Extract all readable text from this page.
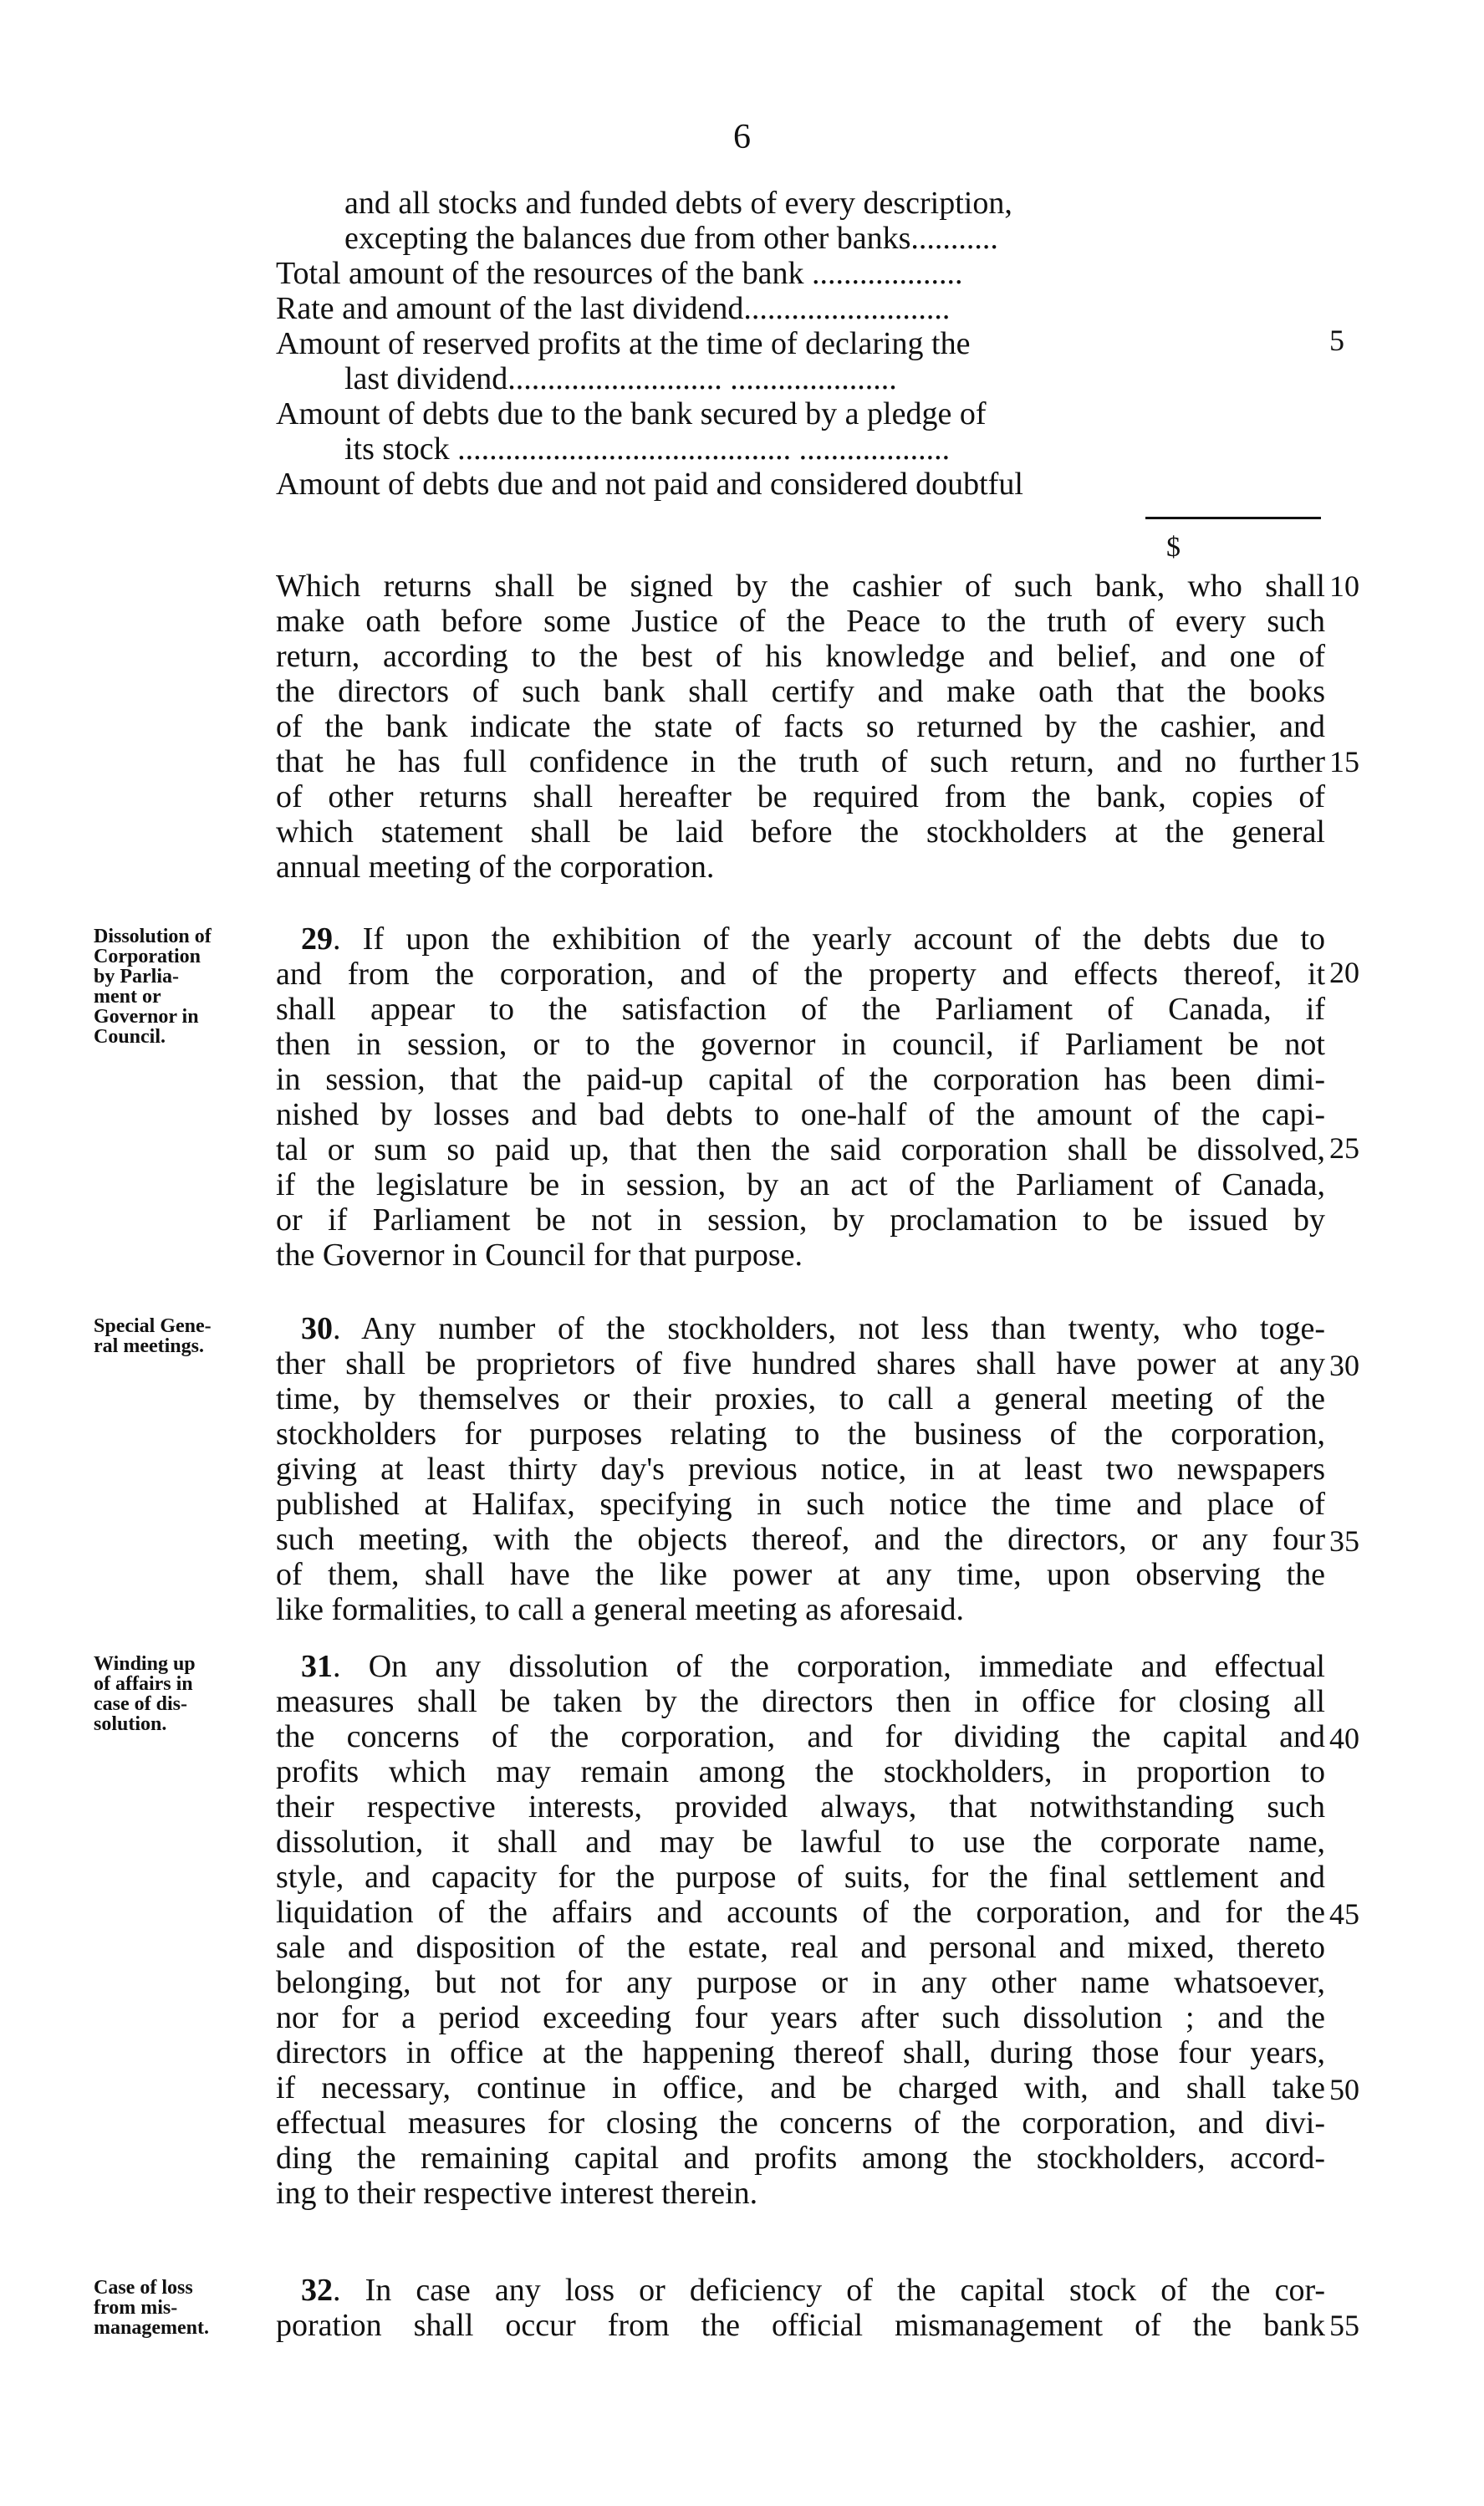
6
and all stocks and funded debts of every description,
excepting the balances due from other banks...........
Total amount of the resources of the bank ...................
Rate and amount of the last dividend..........................
Amount of reserved profits at the time of declaring the
last dividend........................... .....................
Amount of debts due to the bank secured by a pledge of
its stock .......................................... ...................
Amount of debts due and not paid and considered doubtful
$
Which returns shall be signed by the cashier of such bank, who shall
make oath before some Justice of the Peace to the truth of every such
return, according to the best of his knowledge and belief, and one of
the directors of such bank shall certify and make oath that the books
of the bank indicate the state of facts so returned by the cashier, and
that he has full confidence in the truth of such return, and no further
of other returns shall hereafter be required from the bank, copies of
which statement shall be laid before the stockholders at the general
annual meeting of the corporation.
Dissolution of
Corporation
by Parlia-
ment or
Governor in
Council.
29. If upon the exhibition of the yearly account of the debts due to
and from the corporation, and of the property and effects thereof, it
shall appear to the satisfaction of the Parliament of Canada, if
then in session, or to the governor in council, if Parliament be not
in session, that the paid-up capital of the corporation has been dimi-
nished by losses and bad debts to one-half of the amount of the capi-
tal or sum so paid up, that then the said corporation shall be dissolved,
if the legislature be in session, by an act of the Parliament of Canada,
or if Parliament be not in session, by proclamation to be issued by
the Governor in Council for that purpose.
Special Gene-
ral meetings.	30. Any number of the stockholders, not less than twenty, who toge-
ther shall be proprietors of five hundred shares shall have power at any
time, by themselves or their proxies, to call a general meeting of the
stockholders for purposes relating to the business of the corporation,
giving at least thirty day's previous notice, in at least two newspapers
published at Halifax, specifying in such notice the time and place of
such meeting, with the objects thereof, and the directors, or any four
of them, shall have the like power at any time, upon observing the
like formalities, to call a general meeting as aforesaid.
Winding up
of affairs in
case of dis-
solution.
31. On any dissolution of the corporation, immediate and effectual
measures shall be taken by the directors then in office for closing all
the concerns of the corporation, and for dividing the capital and
profits which may remain among the stockholders, in proportion to
their respective interests, provided always, that notwithstanding such
dissolution, it shall and may be lawful to use the corporate name,
style, and capacity for the purpose of suits, for the final settlement and
liquidation of the affairs and accounts of the corporation, and for the
sale and disposition of the estate, real and personal and mixed, thereto
belonging, but not for any purpose or in any other name whatsoever,
nor for a period exceeding four years after such dissolution ; and the
directors in office at the happening thereof shall, during those four years,
if necessary, continue in office, and be charged with, and shall take
effectual measures for closing the concerns of the corporation, and divi-
ding the remaining capital and profits among the stockholders, accord-
ing to their respective interest therein.
Case of loss
from mis-
management.
32. In case any loss or deficiency of the capital stock of the cor-
poration shall occur from the official mismanagement of the bank
5
10
15
20
25
30
35
40
45
50
55
